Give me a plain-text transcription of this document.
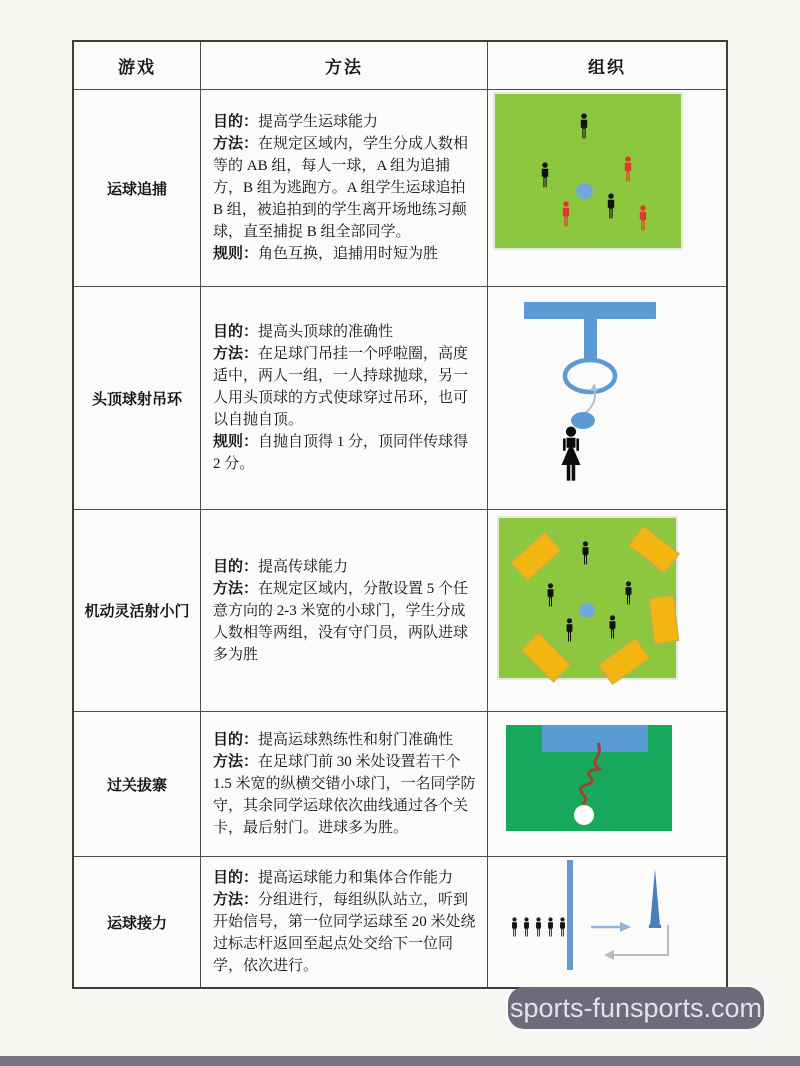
游戏	方法	组织
运球追捕

目的：提高学生运球能力

方法：在规定区域内，学生分成人数相等的 AB 组，每人一球，A 组为追捕方，B 组为逃跑方。A 组学生运球追拍 B 组，被追拍到的学生离开场地练习颠球，直至捕捉 B 组全部同学。

规则：角色互换，追捕用时短为胜

头顶球射吊环

目的：提高头顶球的准确性

方法：在足球门吊挂一个呼啦圈，高度适中，两人一组，一人持球抛球，另一人用头顶球的方式使球穿过吊环，也可以自抛自顶。

规则：自抛自顶得 1 分，顶同伴传球得 2 分。

机动灵活射小门

目的：提高传球能力

方法：在规定区域内，分散设置 5 个任意方向的 2-3 米宽的小球门，学生分成人数相等两组，没有守门员，两队进球多为胜

过关拔寨

目的：提高运球熟练性和射门准确性

方法：在足球门前 30 米处设置若干个 1.5 米宽的纵横交错小球门，一名同学防守，其余同学运球依次曲线通过各个关卡，最后射门。进球多为胜。

运球接力

目的：提高运球能力和集体合作能力

方法：分组进行，每组纵队站立，听到开始信号，第一位同学运球至 20 米处绕过标志杆返回至起点处交给下一位同学，依次进行。

sports-funsports.com
